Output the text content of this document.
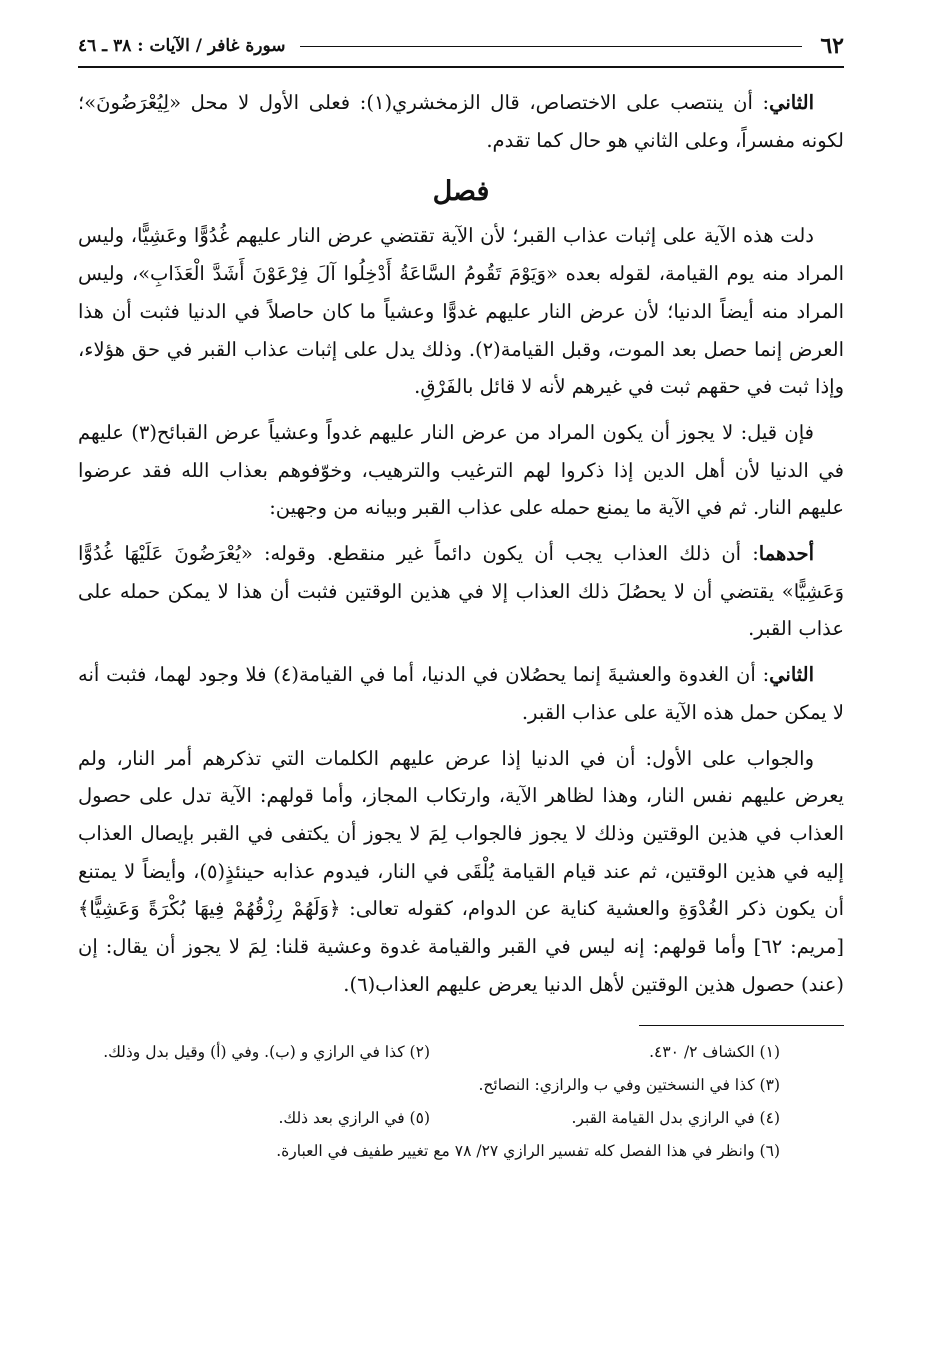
٦٢
سورة غافر / الآيات : ٣٨ ـ ٤٦

الثاني: أن ينتصب على الاختصاص، قال الزمخشري(١): فعلى الأول لا محل «لِيُعْرَضُونَ»؛ لكونه مفسراً، وعلى الثاني هو حال كما تقدم.

فصل

دلت هذه الآية على إثبات عذاب القبر؛ لأن الآية تقتضي عرض النار عليهم غُدُوًّا وعَشِيًّا، وليس المراد منه يوم القيامة، لقوله بعده «وَيَوْمَ تَقُومُ السَّاعَةُ أَدْخِلُوا آلَ فِرْعَوْنَ أَشَدَّ الْعَذَابِ»، وليس المراد منه أيضاً الدنيا؛ لأن عرض النار عليهم غدوًّا وعشياً ما كان حاصلاً في الدنيا فثبت أن هذا العرض إنما حصل بعد الموت، وقبل القيامة(٢). وذلك يدل على إثبات عذاب القبر في حق هؤلاء، وإذا ثبت في حقهم ثبت في غيرهم لأنه لا قائل بالفَرْقِ.

فإن قيل: لا يجوز أن يكون المراد من عرض النار عليهم غدواً وعشياً عرض القبائح(٣) عليهم في الدنيا لأن أهل الدين إذا ذكروا لهم الترغيب والترهيب، وخوّفوهم بعذاب الله فقد عرضوا عليهم النار. ثم في الآية ما يمنع حمله على عذاب القبر وبيانه من وجهين:

أحدهما: أن ذلك العذاب يجب أن يكون دائماً غير منقطع. وقوله: «يُعْرَضُونَ عَلَيْهَا غُدُوًّا وَعَشِيًّا» يقتضي أن لا يحصُلَ ذلك العذاب إلا في هذين الوقتين فثبت أن هذا لا يمكن حمله على عذاب القبر.

الثاني: أن الغدوة والعشيةَ إنما يحصُلان في الدنيا، أما في القيامة(٤) فلا وجود لهما، فثبت أنه لا يمكن حمل هذه الآية على عذاب القبر.

والجواب على الأول: أن في الدنيا إذا عرض عليهم الكلمات التي تذكرهم أمر النار، ولم يعرض عليهم نفس النار، وهذا لظاهر الآية، وارتكاب المجاز، وأما قولهم: الآية تدل على حصول العذاب في هذين الوقتين وذلك لا يجوز فالجواب لِمَ لا يجوز أن يكتفى في القبر بإيصال العذاب إليه في هذين الوقتين، ثم عند قيام القيامة يُلْقَى في النار، فيدوم عذابه حينئذٍ(٥)، وأيضاً لا يمتنع أن يكون ذكر الغُدْوَةِ والعشية كناية عن الدوام، كقوله تعالى: ﴿وَلَهُمْ رِزْقُهُمْ فِيهَا بُكْرَةً وَعَشِيًّا﴾ [مريم: ٦٢] وأما قولهم: إنه ليس في القبر والقيامة غدوة وعشية قلنا: لِمَ لا يجوز أن يقال: إن (عند) حصول هذين الوقتين لأهل الدنيا يعرض عليهم العذاب(٦).

(١) الكشاف ٢/ ٤٣٠.
(٢) كذا في الرازي و (ب). وفي (أ) وقيل بدل وذلك.
(٣) كذا في النسختين وفي ب والرازي: النصائح.
(٤) في الرازي بدل القيامة القبر.
(٥) في الرازي بعد ذلك.
(٦) وانظر في هذا الفصل كله تفسير الرازي ٢٧/ ٧٨ مع تغيير طفيف في العبارة.
